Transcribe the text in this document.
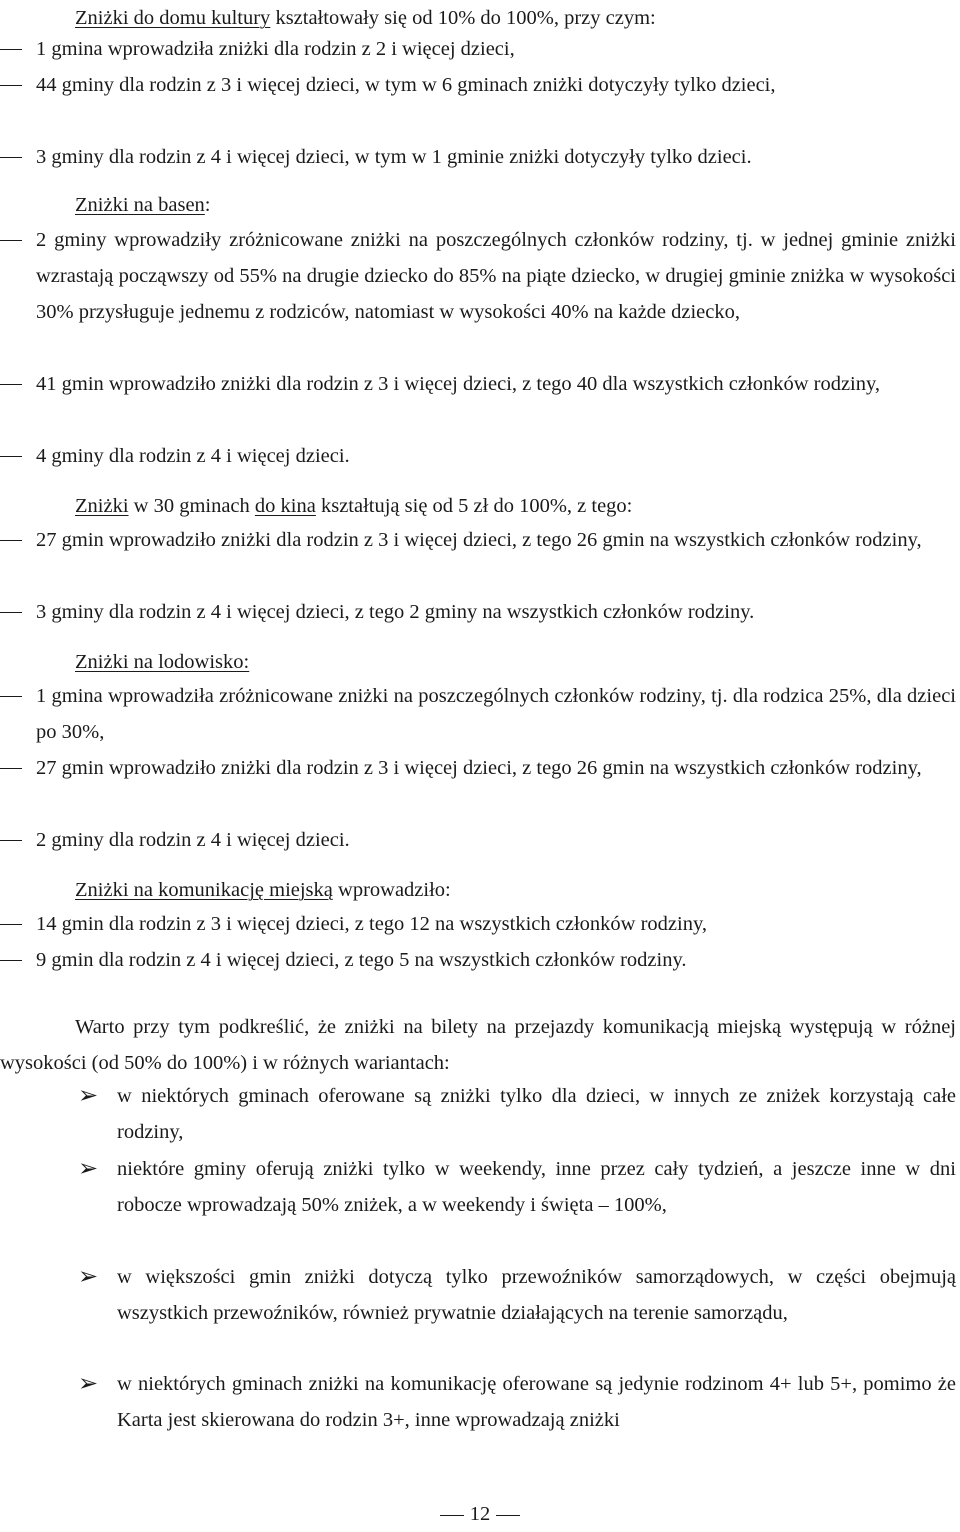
Zniżki do domu kultury kształtowały się od 10% do 100%, przy czym:
1 gmina wprowadziła zniżki dla rodzin z 2 i więcej dzieci,
44 gminy dla rodzin z 3 i więcej dzieci, w tym w 6 gminach zniżki dotyczyły tylko dzieci,
3 gminy dla rodzin z 4 i więcej dzieci, w tym w 1 gminie zniżki dotyczyły tylko dzieci.
Zniżki na basen:
2 gminy wprowadziły zróżnicowane zniżki na poszczególnych członków rodziny, tj. w jednej gminie zniżki wzrastają począwszy od 55% na drugie dziecko do 85% na piąte dziecko, w drugiej gminie zniżka w wysokości 30% przysługuje jednemu z rodziców, natomiast w wysokości 40% na każde dziecko,
41 gmin wprowadziło zniżki dla rodzin z 3 i więcej dzieci, z tego 40 dla wszystkich członków rodziny,
4 gminy dla rodzin z 4 i więcej dzieci.
Zniżki w 30 gminach do kina kształtują się od 5 zł do 100%, z tego:
27 gmin wprowadziło zniżki dla rodzin z 3 i więcej dzieci, z tego 26 gmin na wszystkich członków rodziny,
3 gminy dla rodzin z 4 i więcej dzieci, z tego 2 gminy na wszystkich członków rodziny.
Zniżki na lodowisko:
1 gmina wprowadziła zróżnicowane zniżki na poszczególnych członków rodziny, tj. dla rodzica 25%, dla dzieci po 30%,
27 gmin wprowadziło zniżki dla rodzin z 3 i więcej dzieci, z tego 26 gmin na wszystkich członków rodziny,
2 gminy dla rodzin z 4 i więcej dzieci.
Zniżki na komunikację miejską wprowadziło:
14 gmin dla rodzin z 3 i więcej dzieci, z tego 12 na wszystkich członków rodziny,
9 gmin dla rodzin z 4 i więcej dzieci, z tego 5 na wszystkich członków rodziny.
Warto przy tym podkreślić, że zniżki na bilety na przejazdy komunikacją miejską występują w różnej wysokości (od 50% do 100%) i w różnych wariantach:
➢ w niektórych gminach oferowane są zniżki tylko dla dzieci, w innych ze zniżek korzystają całe rodziny,
➢ niektóre gminy oferują zniżki tylko w weekendy, inne przez cały tydzień, a jeszcze inne w dni robocze wprowadzają 50% zniżek, a w weekendy i święta – 100%,
➢ w większości gmin zniżki dotyczą tylko przewoźników samorządowych, w części obejmują wszystkich przewoźników, również prywatnie działających na terenie samorządu,
➢ w niektórych gminach zniżki na komunikację oferowane są jedynie rodzinom 4+ lub 5+, pomimo że Karta jest skierowana do rodzin 3+, inne wprowadzają zniżki
12
